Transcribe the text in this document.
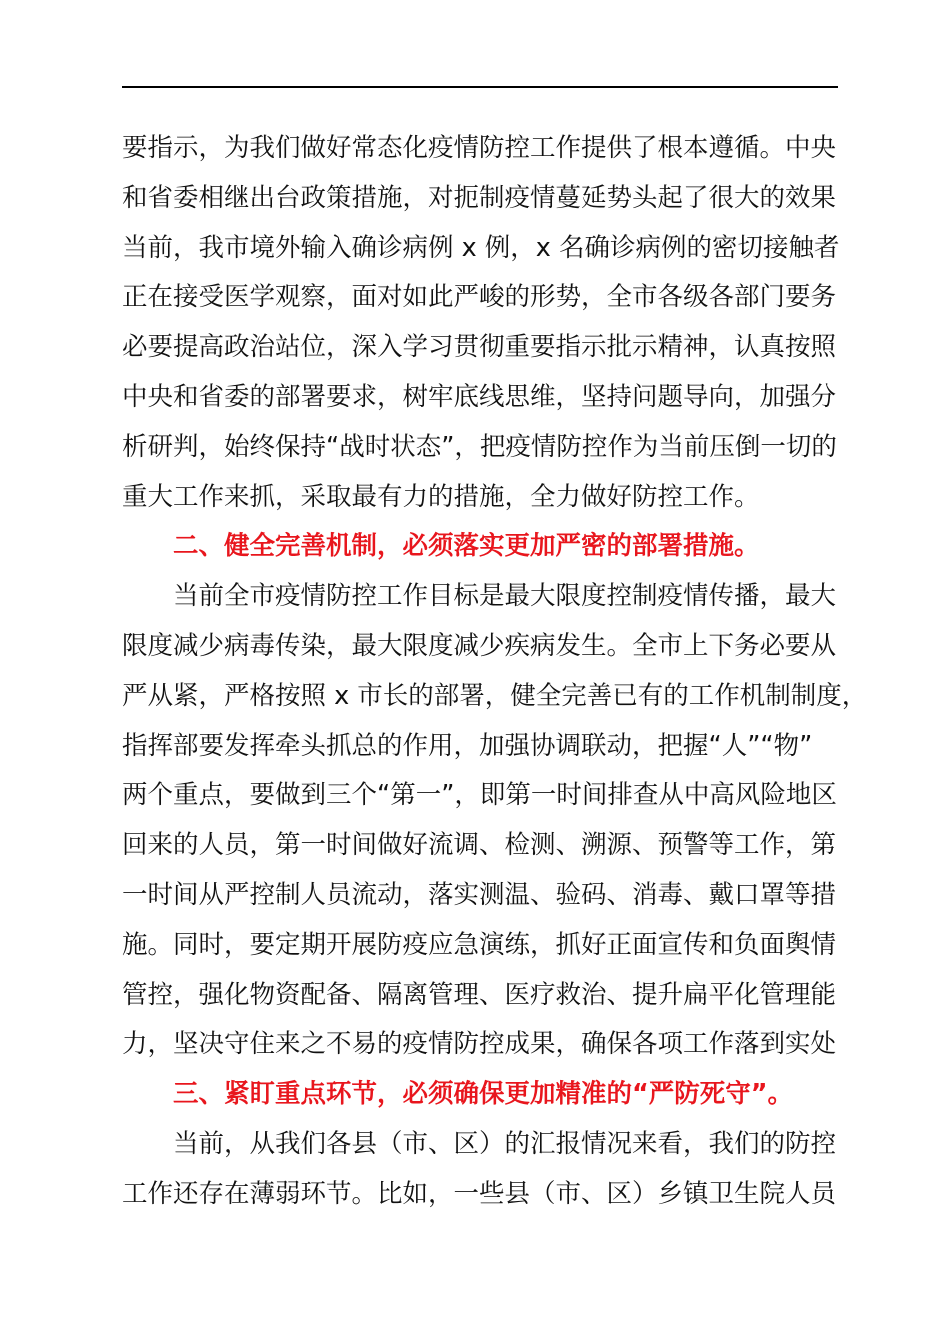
要指示，为我们做好常态化疫情防控工作提供了根本遵循。中央
和省委相继出台政策措施，对扼制疫情蔓延势头起了很大的效果
当前，我市境外输入确诊病例 x 例，x 名确诊病例的密切接触者
正在接受医学观察，面对如此严峻的形势，全市各级各部门要务
必要提高政治站位，深入学习贯彻重要指示批示精神，认真按照
中央和省委的部署要求，树牢底线思维，坚持问题导向，加强分
析研判，始终保持“战时状态”，把疫情防控作为当前压倒一切的
重大工作来抓，采取最有力的措施，全力做好防控工作。
二、健全完善机制，必须落实更加严密的部署措施。
当前全市疫情防控工作目标是最大限度控制疫情传播，最大
限度减少病毒传染，最大限度减少疾病发生。全市上下务必要从
严从紧，严格按照 x 市长的部署，健全完善已有的工作机制制度，
指挥部要发挥牵头抓总的作用，加强协调联动，把握“人”“物”
两个重点，要做到三个“第一”，即第一时间排查从中高风险地区
回来的人员，第一时间做好流调、检测、溯源、预警等工作，第
一时间从严控制人员流动，落实测温、验码、消毒、戴口罩等措
施。同时，要定期开展防疫应急演练，抓好正面宣传和负面舆情
管控，强化物资配备、隔离管理、医疗救治、提升扁平化管理能
力，坚决守住来之不易的疫情防控成果，确保各项工作落到实处
三、紧盯重点环节，必须确保更加精准的“严防死守”。
当前，从我们各县（市、区）的汇报情况来看，我们的防控
工作还存在薄弱环节。比如，一些县（市、区）乡镇卫生院人员
